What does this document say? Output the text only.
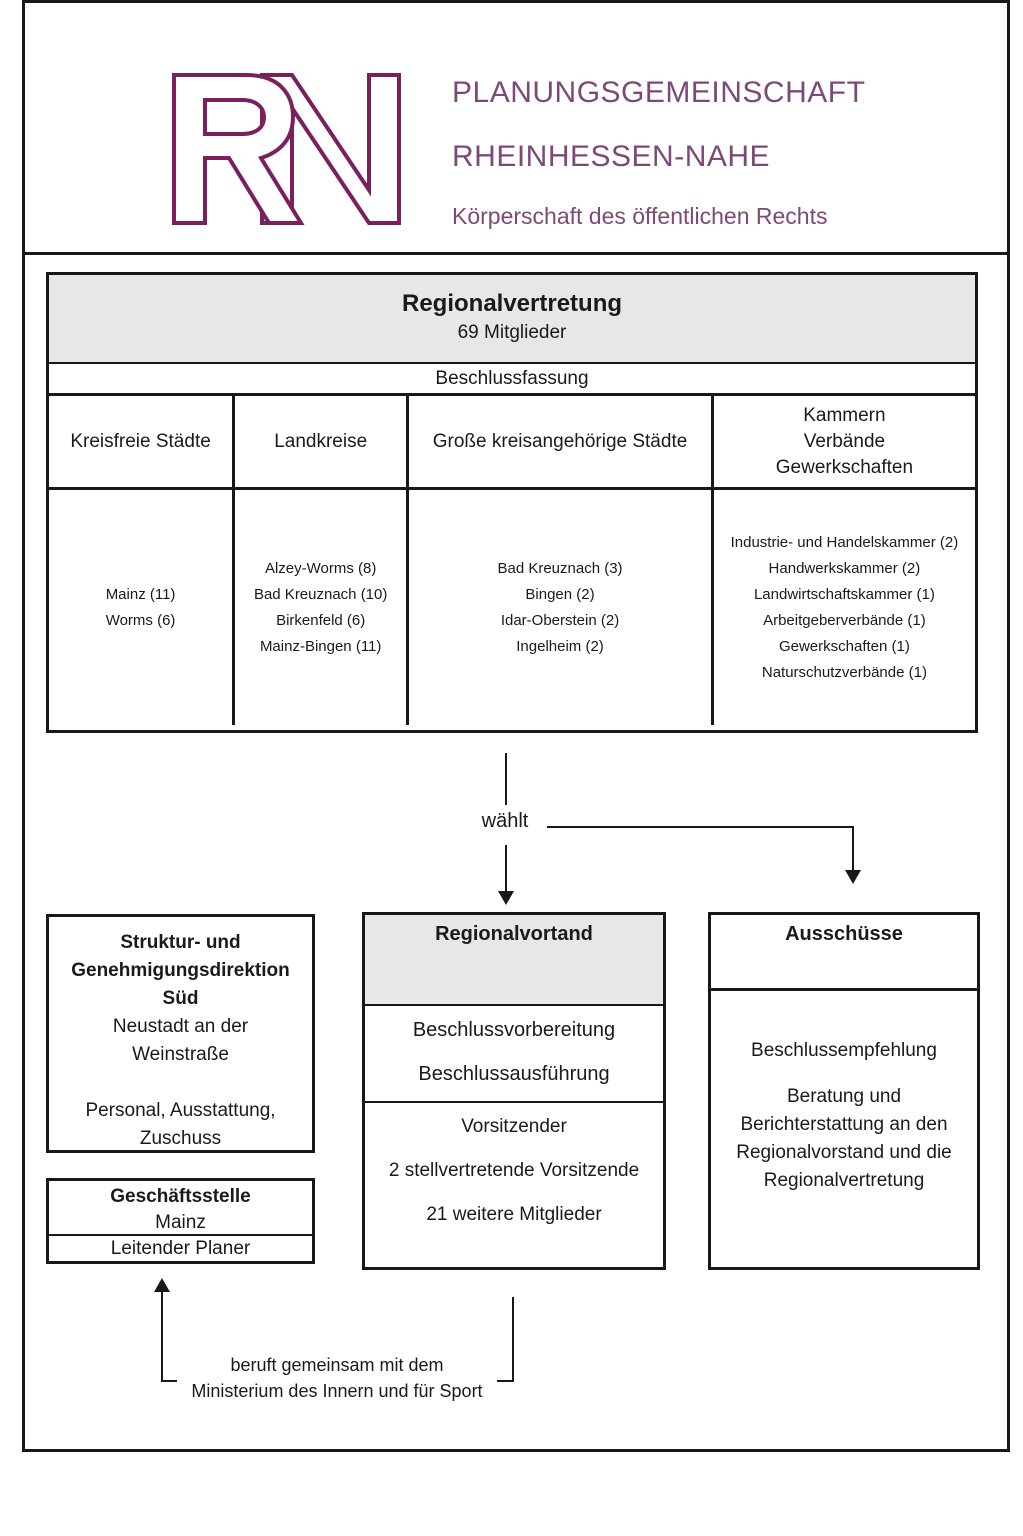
PLANUNGSGEMEINSCHAFT
RHEINHESSEN-NAHE
Körperschaft des öffentlichen Rechts
Regionalvertretung
69 Mitglieder
Beschlussfassung
Kreisfreie Städte
Mainz (11)
Worms (6)
Landkreise
Alzey-Worms (8)
Bad Kreuznach (10)
Birkenfeld (6)
Mainz-Bingen (11)
Große kreisangehörige Städte
Bad Kreuznach (3)
Bingen (2)
Idar-Oberstein (2)
Ingelheim (2)
Kammern
Verbände
Gewerkschaften
Industrie- und Handelskammer (2)
Handwerkskammer (2)
Landwirtschaftskammer (1)
Arbeitgeberverbände (1)
Gewerkschaften (1)
Naturschutzverbände (1)
wählt
Struktur- und Genehmigungsdirektion Süd
Neustadt an der Weinstraße
Personal, Ausstattung, Zuschuss
Geschäftsstelle
Mainz
Leitender Planer
Regionalvortand
Beschlussvorbereitung
Beschlussausführung
Vorsitzender
2 stellvertretende Vorsitzende
21 weitere Mitglieder
Ausschüsse
Beschlussempfehlung
Beratung und Berichterstattung an den Regionalvorstand und die Regionalvertretung
beruft gemeinsam mit dem
Ministerium des Innern und für Sport
